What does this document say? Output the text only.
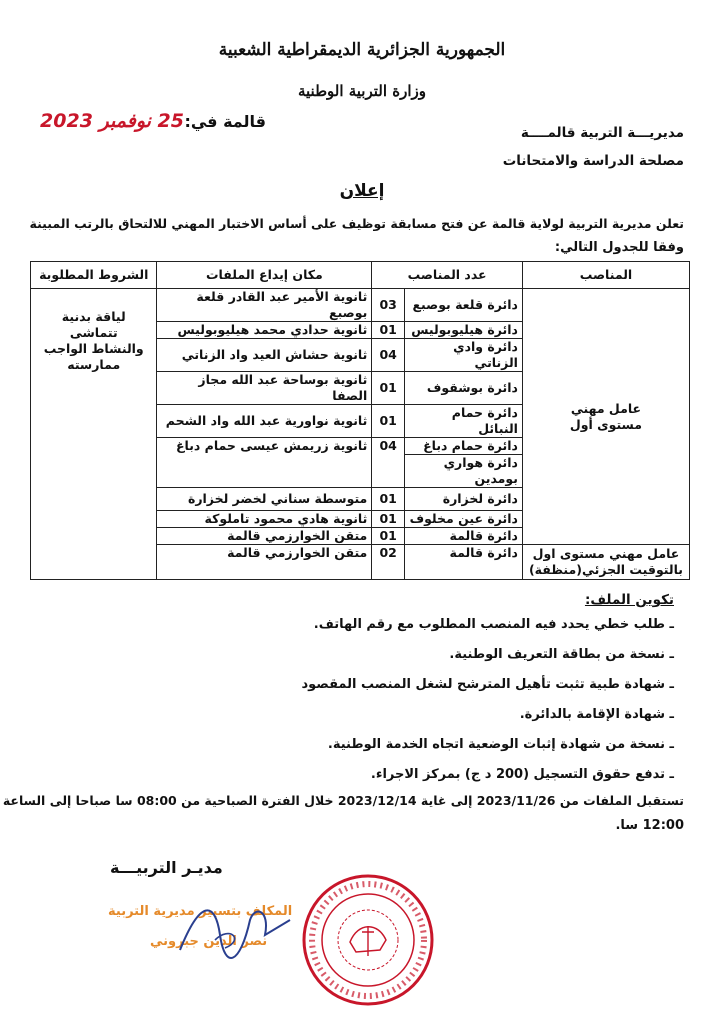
الجمهورية الجزائرية الديمقراطية الشعبية
وزارة التربية الوطنية
قالمة في:
25 نوفمبر 2023
مديريـــة التربية قالمــــة
مصلحة الدراسة والامتحانات
إعلان
تعلن مديرية التربية لولاية قالمة عن فتح مسابقة توظيف على أساس الاختبار المهني للالتحاق بالرتب المبينة
وفقا للجدول التالي:
المناصب	عدد المناصب		مكان إيداع الملفات	الشروط المطلوبة
عامل مهني مستوى أول	دائرة قلعة بوصبع	03	ثانوية الأمير عبد القادر قلعة بوصبع	لياقة بدنية تتماشى والنشاط الواجب ممارسته
	دائرة هيليوبوليس	01	ثانوية حدادي محمد هيليوبوليس	
	دائرة وادي الزناتي	04	ثانوية حشاش العيد واد الزناتي	
	دائرة بوشقوف	01	ثانوية بوساحة عبد الله مجاز الصفا	
	دائرة حمام النبائل	01	ثانوية نواورية عبد الله واد الشحم	
	دائرة حمام دباغ	04	ثانوية زريمش عيسى حمام دباغ	
	دائرة هواري بومدين			
	دائرة لخزارة	01	متوسطة سناني لخضر لخزارة	
	دائرة عين مخلوف	01	ثانوية هادي محمود تاملوكة	
	دائرة قالمة	01	متقن الخوارزمي قالمة	
عامل مهني مستوى اول بالتوقيت الجزئي(منظفة)	دائرة قالمة	02	متقن الخوارزمي قالمة	
تكوين الملف:
ـ طلب خطي يحدد فيه المنصب المطلوب مع رقم الهاتف.
ـ نسخة من بطاقة التعريف الوطنية.
ـ شهادة طبية تثبت تأهيل المترشح لشغل المنصب المقصود
ـ شهادة الإقامة بالدائرة.
ـ نسخة من شهادة إثبات الوضعية اتجاه الخدمة الوطنية.
ـ تدفع حقوق التسجيل (200 د ج) بمركز الاجراء.
تستقبل الملفات من 2023/11/26 إلى غاية 2023/12/14 خلال الفترة الصباحية من 08:00 سا صباحا إلى الساعة
12:00 سا.
مديـر التربيـــة
المكلف بتسيير مديرية التربية
نصر الدين جبروني
